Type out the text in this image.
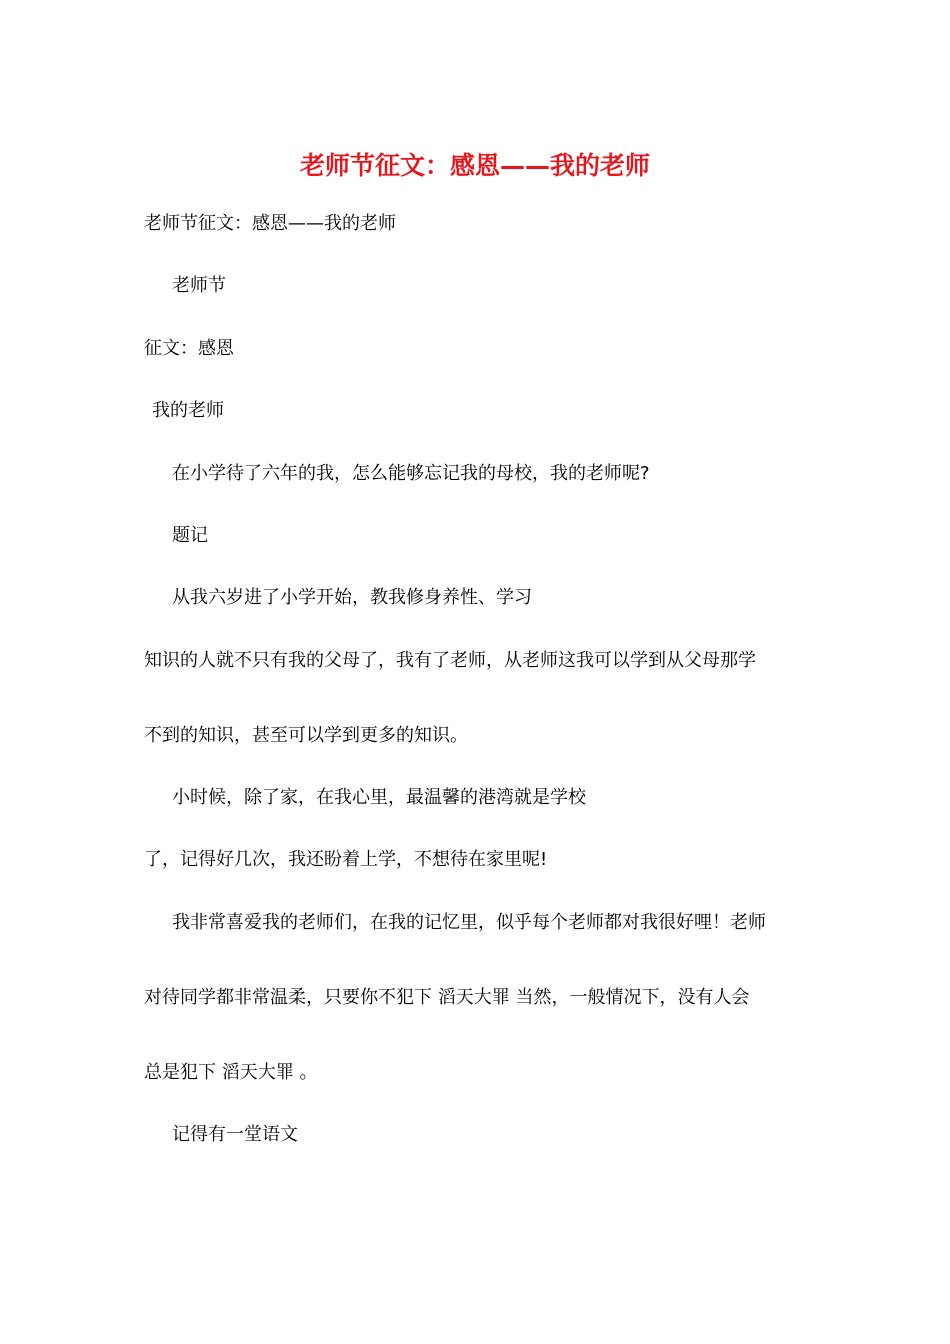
老师节征文：感恩——我的老师
老师节征文：感恩——我的老师
老师节
征文：感恩
我的老师
在小学待了六年的我，怎么能够忘记我的母校，我的老师呢?
题记
从我六岁进了小学开始，教我修身养性、学习
知识的人就不只有我的父母了，我有了老师，从老师这我可以学到从父母那学
不到的知识，甚至可以学到更多的知识。
小时候，除了家，在我心里，最温馨的港湾就是学校
了，记得好几次，我还盼着上学，不想待在家里呢!
我非常喜爱我的老师们，在我的记忆里，似乎每个老师都对我很好哩！老师
对待同学都非常温柔，只要你不犯下 滔天大罪 当然，一般情况下，没有人会
总是犯下 滔天大罪 。
记得有一堂语文
